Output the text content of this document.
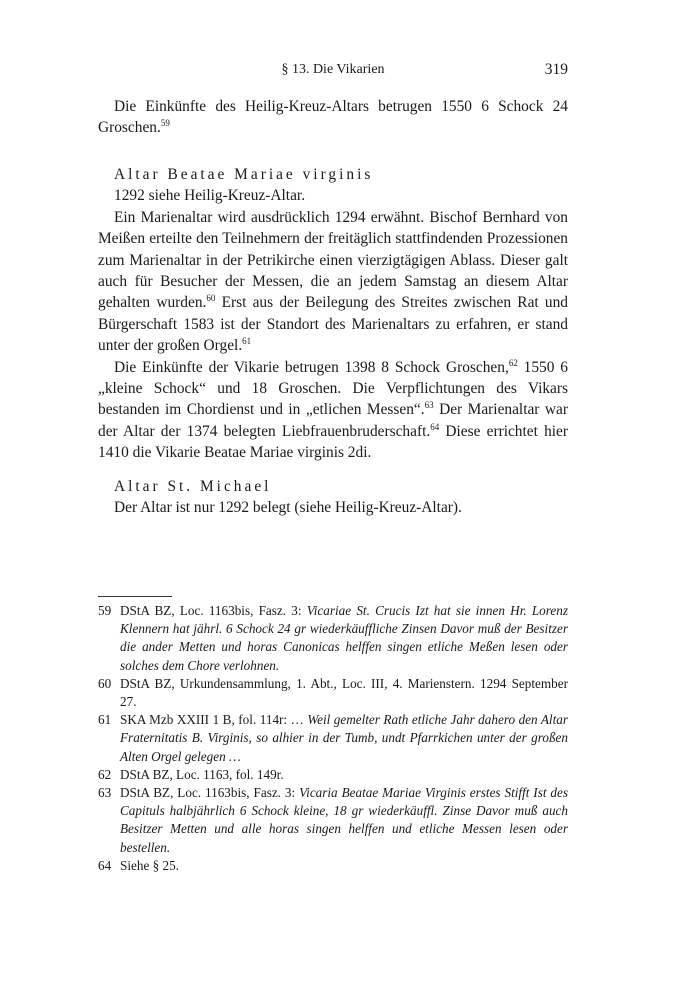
§ 13. Die Vikarien	319

Die Einkünfte des Heilig-Kreuz-Altars betrugen 1550 6 Schock 24 Groschen.$^{59}$

Altar Beatae Mariae virginis

1292 siehe Heilig-Kreuz-Altar.

Ein Marienaltar wird ausdrücklich 1294 erwähnt. Bischof Bernhard von Meißen erteilte den Teilnehmern der freitäglich stattfindenden Prozessionen zum Marienaltar in der Petrikirche einen vierzigtägigen Ablass. Dieser galt auch für Besucher der Messen, die an jedem Samstag an diesem Altar gehalten wurden.$^{60}$ Erst aus der Beilegung des Streites zwischen Rat und Bürgerschaft 1583 ist der Standort des Marienaltars zu erfahren, er stand unter der großen Orgel.$^{61}$

Die Einkünfte der Vikarie betrugen 1398 8 Schock Groschen,$^{62}$ 1550 6 „kleine Schock“ und 18 Groschen. Die Verpflichtungen des Vikars bestanden im Chordienst und in „etlichen Messen“.$^{63}$ Der Marienaltar war der Altar der 1374 belegten Liebfrauenbruderschaft.$^{64}$ Diese errichtet hier 1410 die Vikarie Beatae Mariae virginis 2di.

Altar St. Michael

Der Altar ist nur 1292 belegt (siehe Heilig-Kreuz-Altar).

59 DStA BZ, Loc. 1163bis, Fasz. 3: Vicariae St. Crucis Izt hat sie innen Hr. Lorenz Klennern hat jährl. 6 Schock 24 gr wiederkäuffliche Zinsen Davor muß der Besitzer die ander Metten und horas Canonicas helffen singen etliche Meßen lesen oder solches dem Chore verlohnen.

60 DStA BZ, Urkundensammlung, 1. Abt., Loc. III, 4. Marienstern. 1294 September 27.

61 SKA Mzb XXIII 1 B, fol. 114r: … Weil gemelter Rath etliche Jahr dahero den Altar Fraternitatis B. Virginis, so alhier in der Tumb, undt Pfarrkichen unter der großen Alten Orgel gelegen …

62 DStA BZ, Loc. 1163, fol. 149r.

63 DStA BZ, Loc. 1163bis, Fasz. 3: Vicaria Beatae Mariae Virginis erstes Stifft Ist des Capituls halbjährlich 6 Schock kleine, 18 gr wiederkäuffl. Zinse Davor muß auch Besitzer Metten und alle horas singen helffen und etliche Messen lesen oder bestellen.

64 Siehe § 25.
